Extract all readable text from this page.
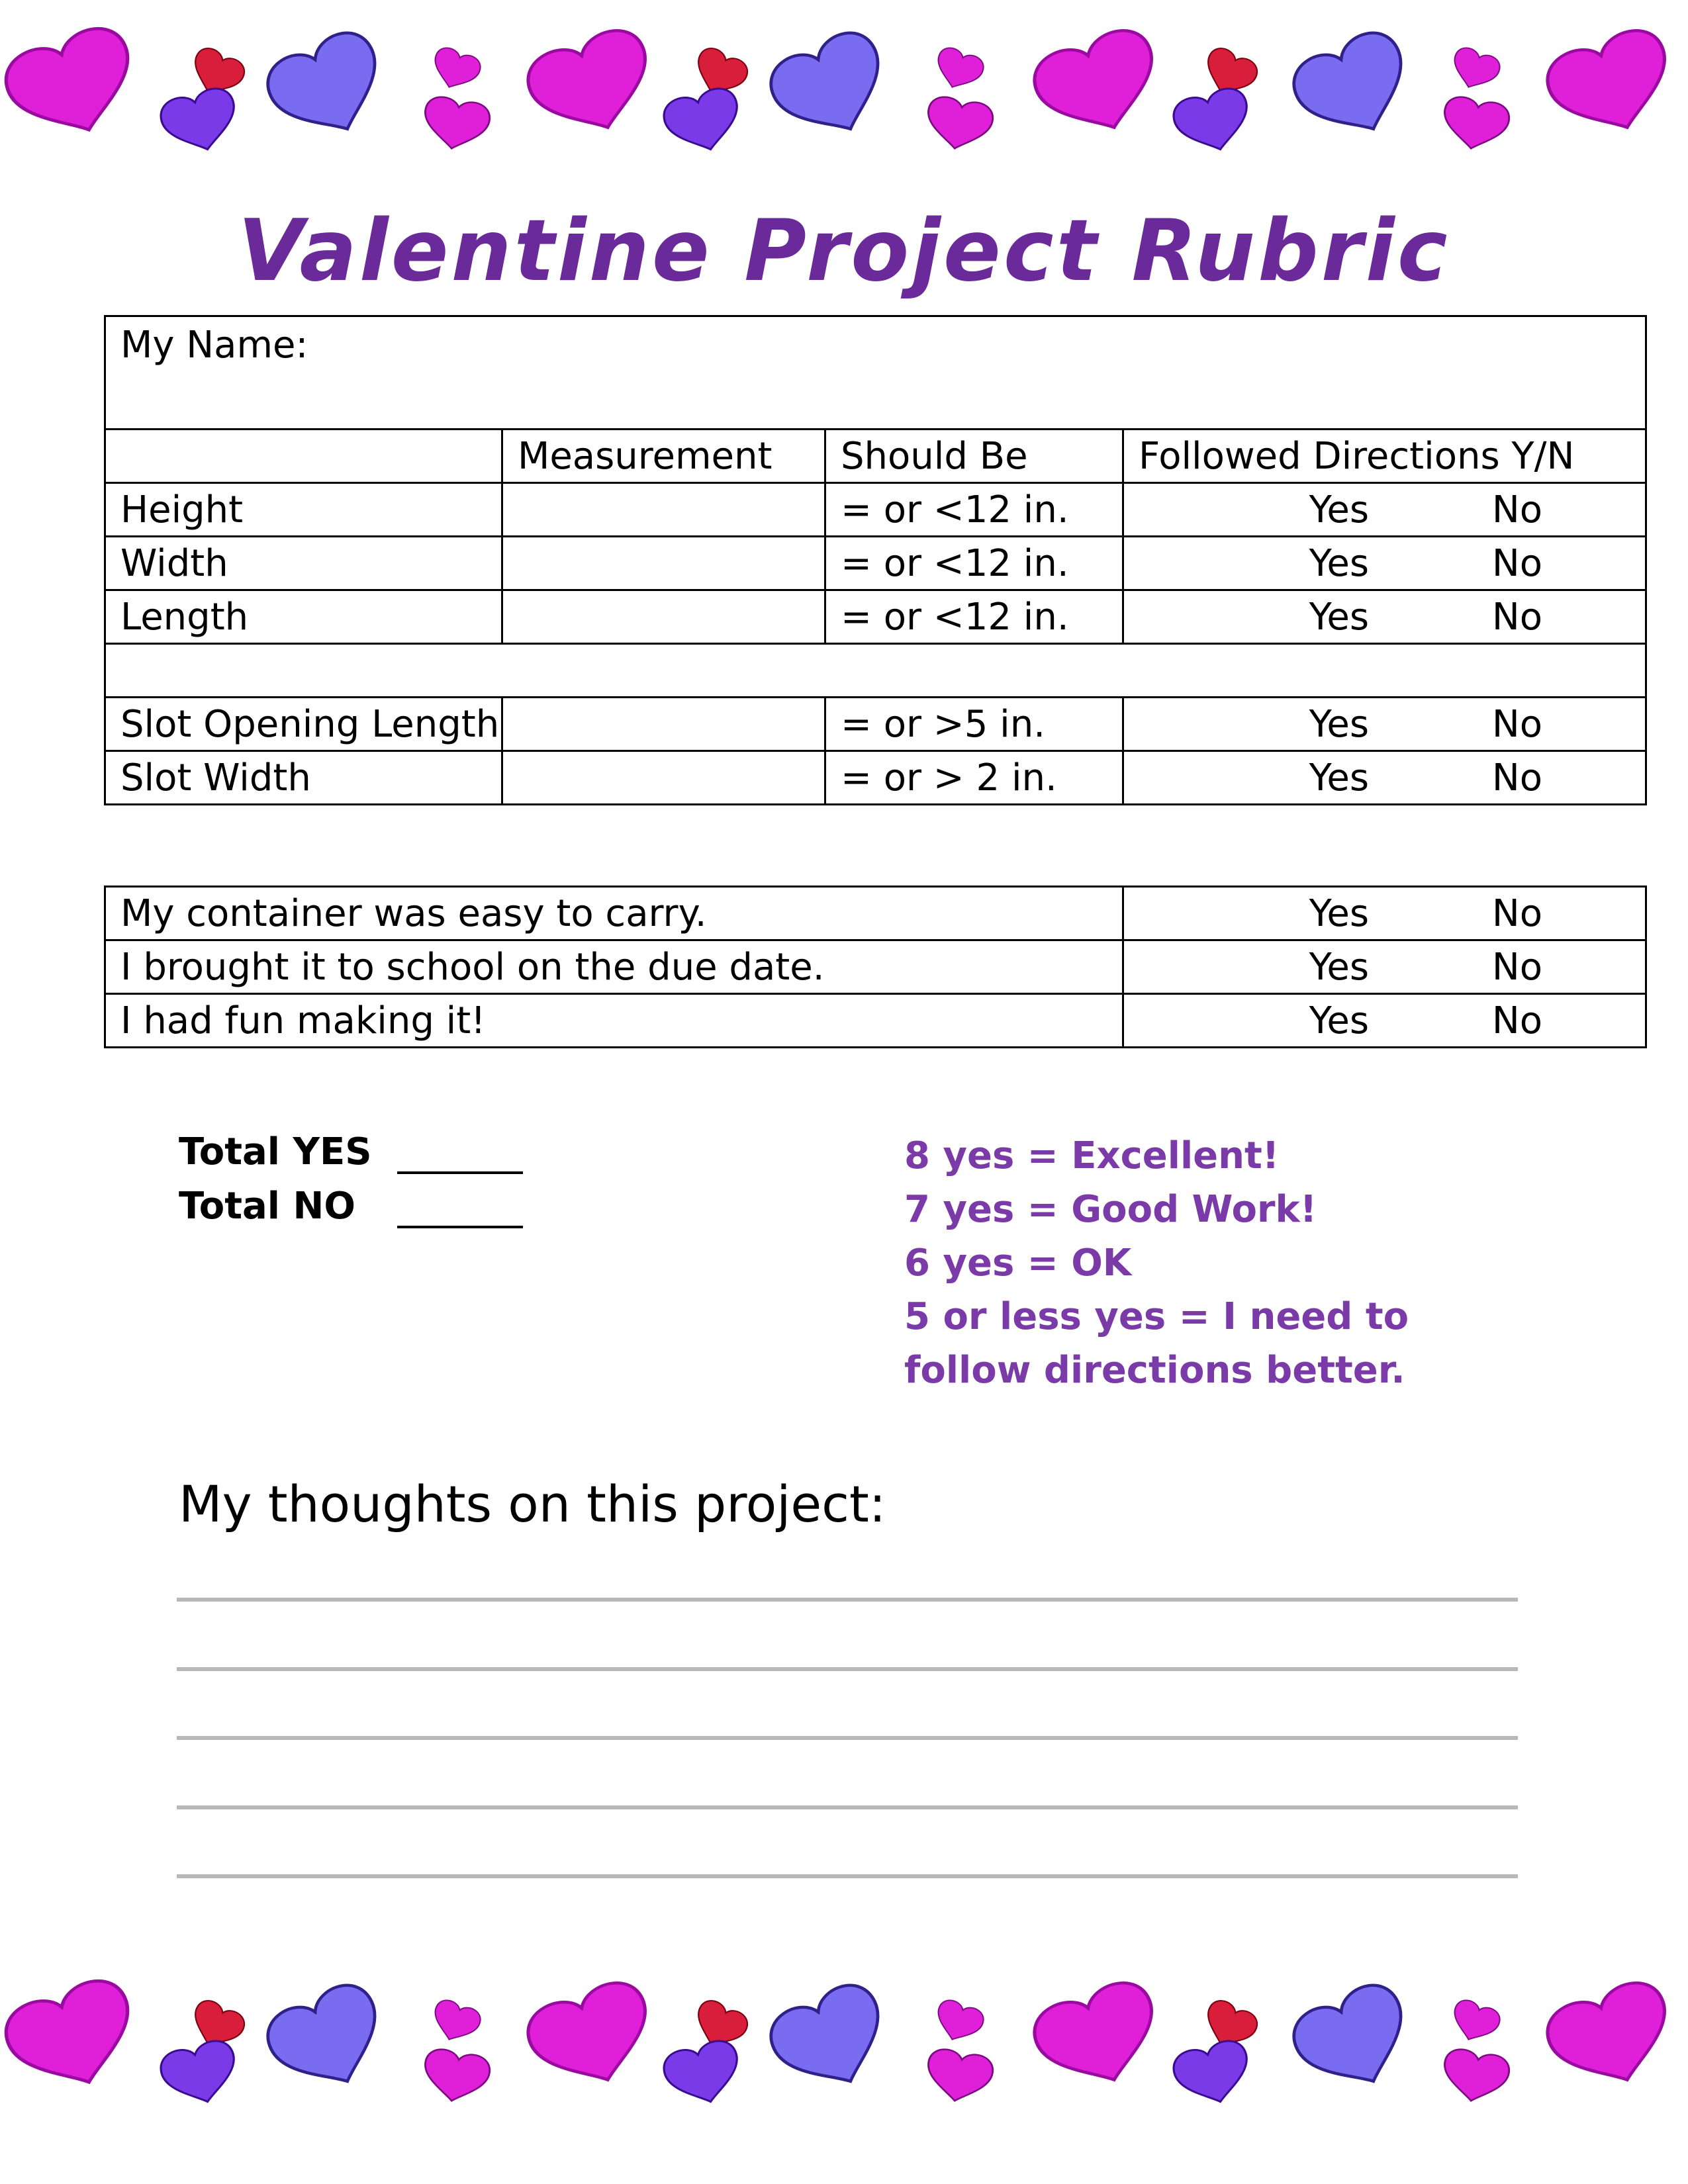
Valentine Project Rubric
My Name:			
	Measurement	Should Be	Followed Directions Y/N
Height		= or <12 in.	Yes No

Width		= or <12 in.	Yes No

Length		= or <12 in.	Yes No

Slot Opening Length		= or >5 in.	Yes No

Slot Width		= or > 2 in.	Yes No
My container was easy to carry.	Yes No

I brought it to school on the due date.	Yes No

I had fun making it!	Yes No
Total YES
Total NO
8 yes = Excellent!
7 yes = Good Work!
6 yes = OK
5 or less yes = I need to follow directions better.
My thoughts on this project:
